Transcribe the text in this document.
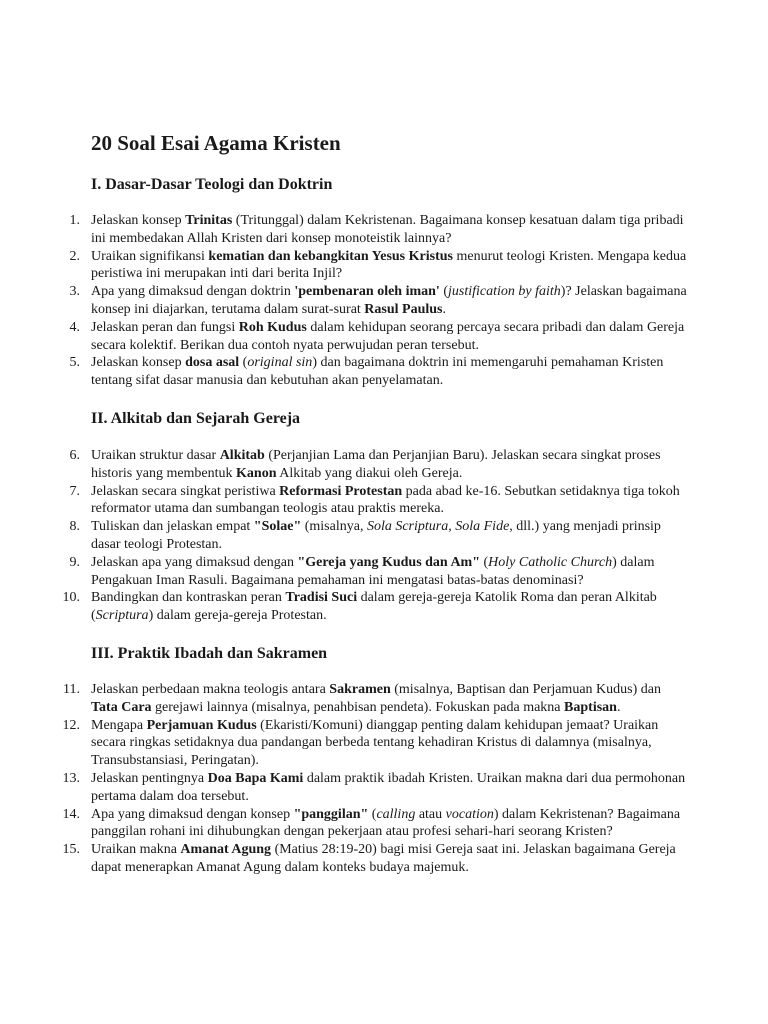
20 Soal Esai Agama Kristen
I. Dasar-Dasar Teologi dan Doktrin
1. Jelaskan konsep Trinitas (Tritunggal) dalam Kekristenan. Bagaimana konsep kesatuan dalam tiga pribadi ini membedakan Allah Kristen dari konsep monoteistik lainnya?
2. Uraikan signifikansi kematian dan kebangkitan Yesus Kristus menurut teologi Kristen. Mengapa kedua peristiwa ini merupakan inti dari berita Injil?
3. Apa yang dimaksud dengan doktrin 'pembenaran oleh iman' (justification by faith)? Jelaskan bagaimana konsep ini diajarkan, terutama dalam surat-surat Rasul Paulus.
4. Jelaskan peran dan fungsi Roh Kudus dalam kehidupan seorang percaya secara pribadi dan dalam Gereja secara kolektif. Berikan dua contoh nyata perwujudan peran tersebut.
5. Jelaskan konsep dosa asal (original sin) dan bagaimana doktrin ini memengaruhi pemahaman Kristen tentang sifat dasar manusia dan kebutuhan akan penyelamatan.
II. Alkitab dan Sejarah Gereja
6. Uraikan struktur dasar Alkitab (Perjanjian Lama dan Perjanjian Baru). Jelaskan secara singkat proses historis yang membentuk Kanon Alkitab yang diakui oleh Gereja.
7. Jelaskan secara singkat peristiwa Reformasi Protestan pada abad ke-16. Sebutkan setidaknya tiga tokoh reformator utama dan sumbangan teologis atau praktis mereka.
8. Tuliskan dan jelaskan empat "Solae" (misalnya, Sola Scriptura, Sola Fide, dll.) yang menjadi prinsip dasar teologi Protestan.
9. Jelaskan apa yang dimaksud dengan "Gereja yang Kudus dan Am" (Holy Catholic Church) dalam Pengakuan Iman Rasuli. Bagaimana pemahaman ini mengatasi batas-batas denominasi?
10. Bandingkan dan kontraskan peran Tradisi Suci dalam gereja-gereja Katolik Roma dan peran Alkitab (Scriptura) dalam gereja-gereja Protestan.
III. Praktik Ibadah dan Sakramen
11. Jelaskan perbedaan makna teologis antara Sakramen (misalnya, Baptisan dan Perjamuan Kudus) dan Tata Cara gerejawi lainnya (misalnya, penahbisan pendeta). Fokuskan pada makna Baptisan.
12. Mengapa Perjamuan Kudus (Ekaristi/Komuni) dianggap penting dalam kehidupan jemaat? Uraikan secara ringkas setidaknya dua pandangan berbeda tentang kehadiran Kristus di dalamnya (misalnya, Transubstansiasi, Peringatan).
13. Jelaskan pentingnya Doa Bapa Kami dalam praktik ibadah Kristen. Uraikan makna dari dua permohonan pertama dalam doa tersebut.
14. Apa yang dimaksud dengan konsep "panggilan" (calling atau vocation) dalam Kekristenan? Bagaimana panggilan rohani ini dihubungkan dengan pekerjaan atau profesi sehari-hari seorang Kristen?
15. Uraikan makna Amanat Agung (Matius 28:19-20) bagi misi Gereja saat ini. Jelaskan bagaimana Gereja dapat menerapkan Amanat Agung dalam konteks budaya majemuk.
